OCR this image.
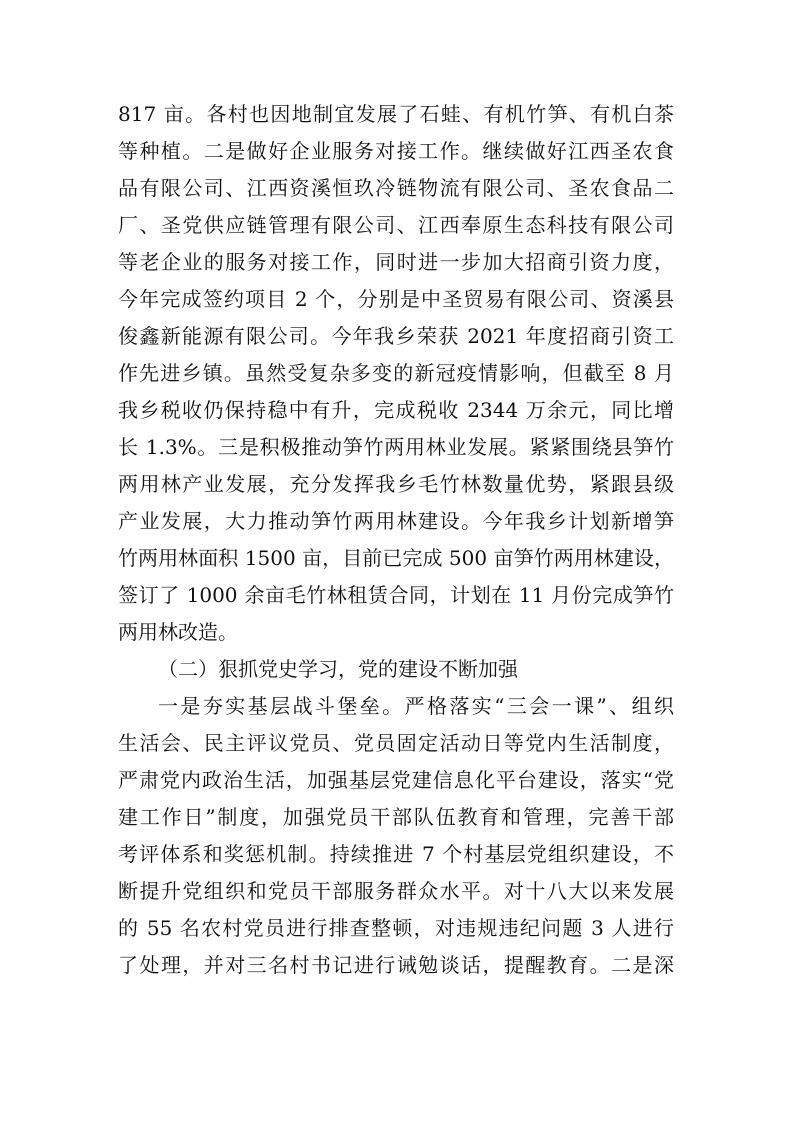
817 亩。各村也因地制宜发展了石蛙、有机竹笋、有机白茶
等种植。二是做好企业服务对接工作。继续做好江西圣农食
品有限公司、江西资溪恒玖冷链物流有限公司、圣农食品二
厂、圣党供应链管理有限公司、江西奉原生态科技有限公司
等老企业的服务对接工作，同时进一步加大招商引资力度，
今年完成签约项目 2 个，分别是中圣贸易有限公司、资溪县
俊鑫新能源有限公司。今年我乡荣获 2021 年度招商引资工
作先进乡镇。虽然受复杂多变的新冠疫情影响，但截至 8 月
我乡税收仍保持稳中有升，完成税收 2344 万余元，同比增
长 1.3%。三是积极推动笋竹两用林业发展。紧紧围绕县笋竹
两用林产业发展，充分发挥我乡毛竹林数量优势，紧跟县级
产业发展，大力推动笋竹两用林建设。今年我乡计划新增笋
竹两用林面积 1500 亩，目前已完成 500 亩笋竹两用林建设，
签订了 1000 余亩毛竹林租赁合同，计划在 11 月份完成笋竹
两用林改造。
（二）狠抓党史学习，党的建设不断加强
一是夯实基层战斗堡垒。严格落实“三会一课”、组织
生活会、民主评议党员、党员固定活动日等党内生活制度，
严肃党内政治生活，加强基层党建信息化平台建设，落实“党
建工作日”制度，加强党员干部队伍教育和管理，完善干部
考评体系和奖惩机制。持续推进 7 个村基层党组织建设，不
断提升党组织和党员干部服务群众水平。对十八大以来发展
的 55 名农村党员进行排查整顿，对违规违纪问题 3 人进行
了处理，并对三名村书记进行诫勉谈话，提醒教育。二是深
